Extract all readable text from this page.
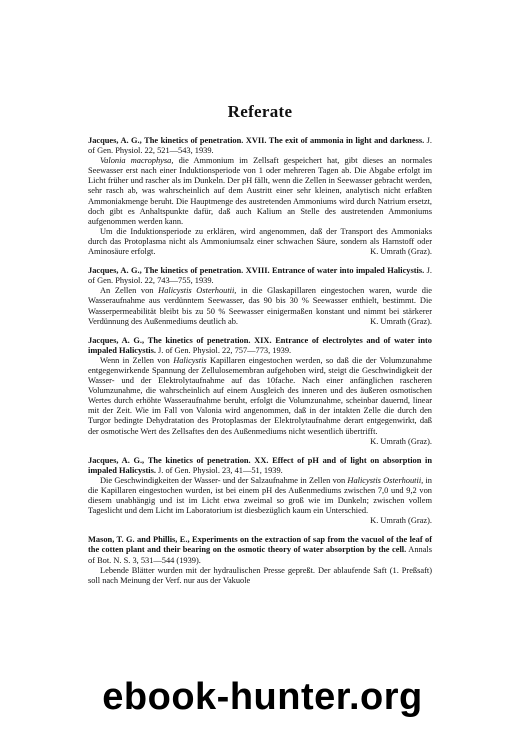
Referate

Jacques, A. G., The kinetics of penetration. XVII. The exit of ammonia in light and darkness. J. of Gen. Physiol. 22, 521—543, 1939.

Valonia macrophysa, die Ammonium im Zellsaft gespeichert hat, gibt dieses an normales Seewasser erst nach einer Induktionsperiode von 1 oder mehreren Tagen ab. Die Abgabe erfolgt im Licht früher und rascher als im Dunkeln. Der pH fällt, wenn die Zellen in Seewasser gebracht werden, sehr rasch ab, was wahrscheinlich auf dem Austritt einer sehr kleinen, analytisch nicht erfaßten Ammoniakmenge beruht. Die Hauptmenge des austretenden Ammoniums wird durch Natrium ersetzt, doch gibt es Anhaltspunkte dafür, daß auch Kalium an Stelle des austretenden Ammoniums aufgenommen werden kann.

Um die Induktionsperiode zu erklären, wird angenommen, daß der Transport des Ammoniaks durch das Protoplasma nicht als Ammoniumsalz einer schwachen Säure, sondern als Harnstoff oder Aminosäure erfolgt.	K. Umrath (Graz).

Jacques, A. G., The kinetics of penetration. XVIII. Entrance of water into impaled Halicystis. J. of Gen. Physiol. 22, 743—755, 1939.

An Zellen von Halicystis Osterhoutii, in die Glaskapillaren eingestochen waren, wurde die Wasseraufnahme aus verdünntem Seewasser, das 90 bis 30 % Seewasser enthielt, bestimmt. Die Wasserpermeabilität bleibt bis zu 50 % Seewasser einigermaßen konstant und nimmt bei stärkerer Verdünnung des Außenmediums deutlich ab.	K. Umrath (Graz).

Jacques, A. G., The kinetics of penetration. XIX. Entrance of electrolytes and of water into impaled Halicystis. J. of Gen. Physiol. 22, 757—773, 1939.

Wenn in Zellen von Halicystis Kapillaren eingestochen werden, so daß die der Volumzunahme entgegenwirkende Spannung der Zellulosemembran aufgehoben wird, steigt die Geschwindigkeit der Wasser- und der Elektrolytaufnahme auf das 10fache. Nach einer anfänglichen rascheren Volumzunahme, die wahrscheinlich auf einem Ausgleich des inneren und des äußeren osmotischen Wertes durch erhöhte Wasseraufnahme beruht, erfolgt die Volumzunahme, scheinbar dauernd, linear mit der Zeit. Wie im Fall von Valonia wird angenommen, daß in der intakten Zelle die durch den Turgor bedingte Dehydratation des Protoplasmas der Elektrolytaufnahme derart entgegenwirkt, daß der osmotische Wert des Zellsaftes den des Außenmediums nicht wesentlich übertrifft.

K. Umrath (Graz).

Jacques, A. G., The kinetics of penetration. XX. Effect of pH and of light on absorption in impaled Halicystis. J. of Gen. Physiol. 23, 41—51, 1939.

Die Geschwindigkeiten der Wasser- und der Salzaufnahme in Zellen von Halicystis Osterhoutii, in die Kapillaren eingestochen wurden, ist bei einem pH des Außenmediums zwischen 7,0 und 9,2 von diesem unabhängig und ist im Licht etwa zweimal so groß wie im Dunkeln; zwischen vollem Tageslicht und dem Licht im Laboratorium ist diesbezüglich kaum ein Unterschied.

K. Umrath (Graz).

Mason, T. G. and Phillis, E., Experiments on the extraction of sap from the vacuol of the leaf of the cotten plant and their bearing on the osmotic theory of water absorption by the cell. Annals of Bot. N. S. 3, 531—544 (1939).

Lebende Blätter wurden mit der hydraulischen Presse gepreßt. Der ablaufende Saft (1. Preßsaft) soll nach Meinung der Verf. nur aus der Vakuole

ebook-hunter.org
